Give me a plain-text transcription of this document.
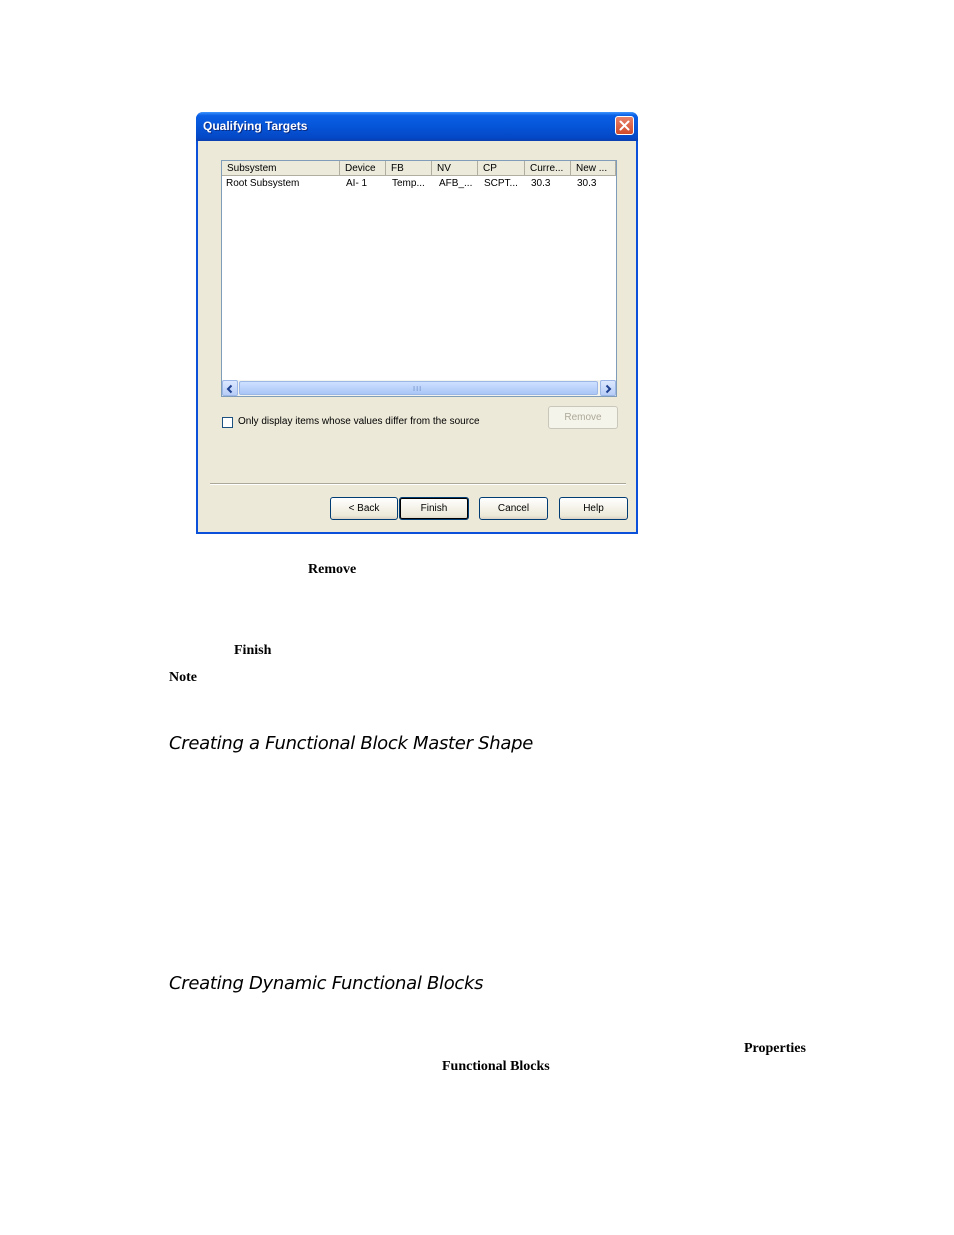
Qualifying Targets
Subsystem	Device	FB	NV	CP	Curre...	New ...
Root Subsystem	AI- 1	Temp...	AFB_...	SCPT...	30.3	30.3
III
Only display items whose values differ from the source	Remove
< Back	Finish	Cancel	Help
Remove
Finish
Note
Creating a Functional Block Master Shape
Creating Dynamic Functional Blocks
Properties
Functional Blocks
